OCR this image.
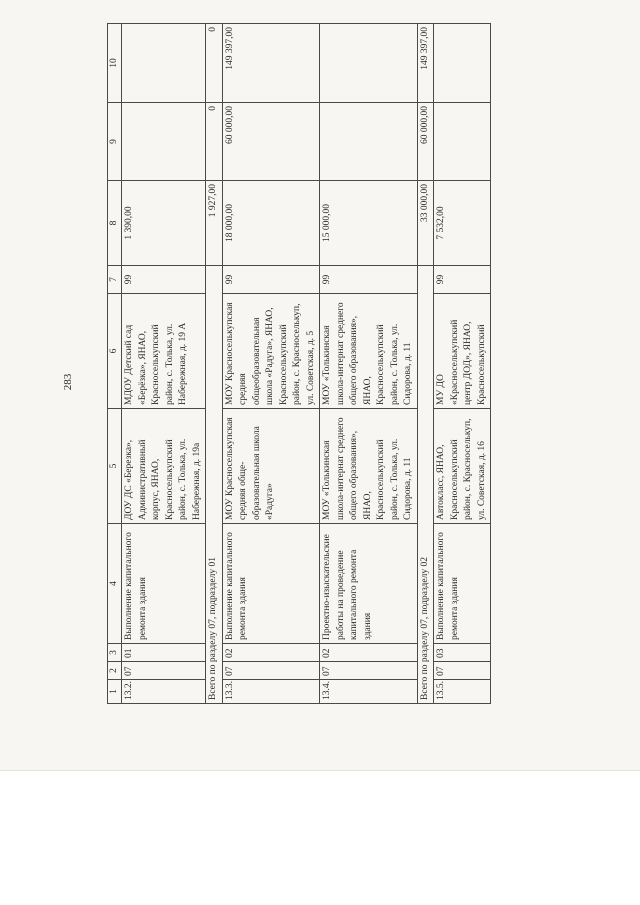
283
1	2	3	4	5	6	7	8	9	10
13.2.	07	01	Выполнение капитального ремонта здания	ДОУ ДС «Березка», Административный корпус, ЯНАО, Красноселькупский район, с. Толька, ул. Набережная, д. 19а	МДОУ Детский сад «Берёзка», ЯНАО, Красноселькупский район, с. Толька, ул. Набережная, д. 19 А	99	1 390,00		
Всего по разделу 07, подразделу 01							1 927,00	0	0
13.3.	07	02	Выполнение капитального ремонта здания	МОУ Красноселькупская средняя обще-образовательная школа «Радуга»	МОУ Красноселькупская средняя общеобразовательная школа «Радуга», ЯНАО, Красноселькупский район, с. Красноселькуп, ул. Советская, д. 5	99	18 000,00	60 000,00	149 397,00
13.4.	07	02	Проектно-изыскательские работы на проведение капитального ремонта здания	МОУ «Толькинская школа-интернат среднего общего образования», ЯНАО, Красноселькупский район, с. Толька, ул. Сидорова, д. 11	МОУ «Толькинская школа-интернат среднего общего образования», ЯНАО, Красноселькупский район, с. Толька, ул. Сидорова, д. 11	99	15 000,00		
Всего по разделу 07, подразделу 02							33 000,00	60 000,00	149 397,00
13.5.	07	03	Выполнение капитального ремонта здания	Автокласс, ЯНАО, Красноселькупский район, с. Красноселькуп, ул. Советская, д. 16	МУ ДО «Красноселькупский центр ДОД», ЯНАО, Красноселькупский	99	7 532,00		
